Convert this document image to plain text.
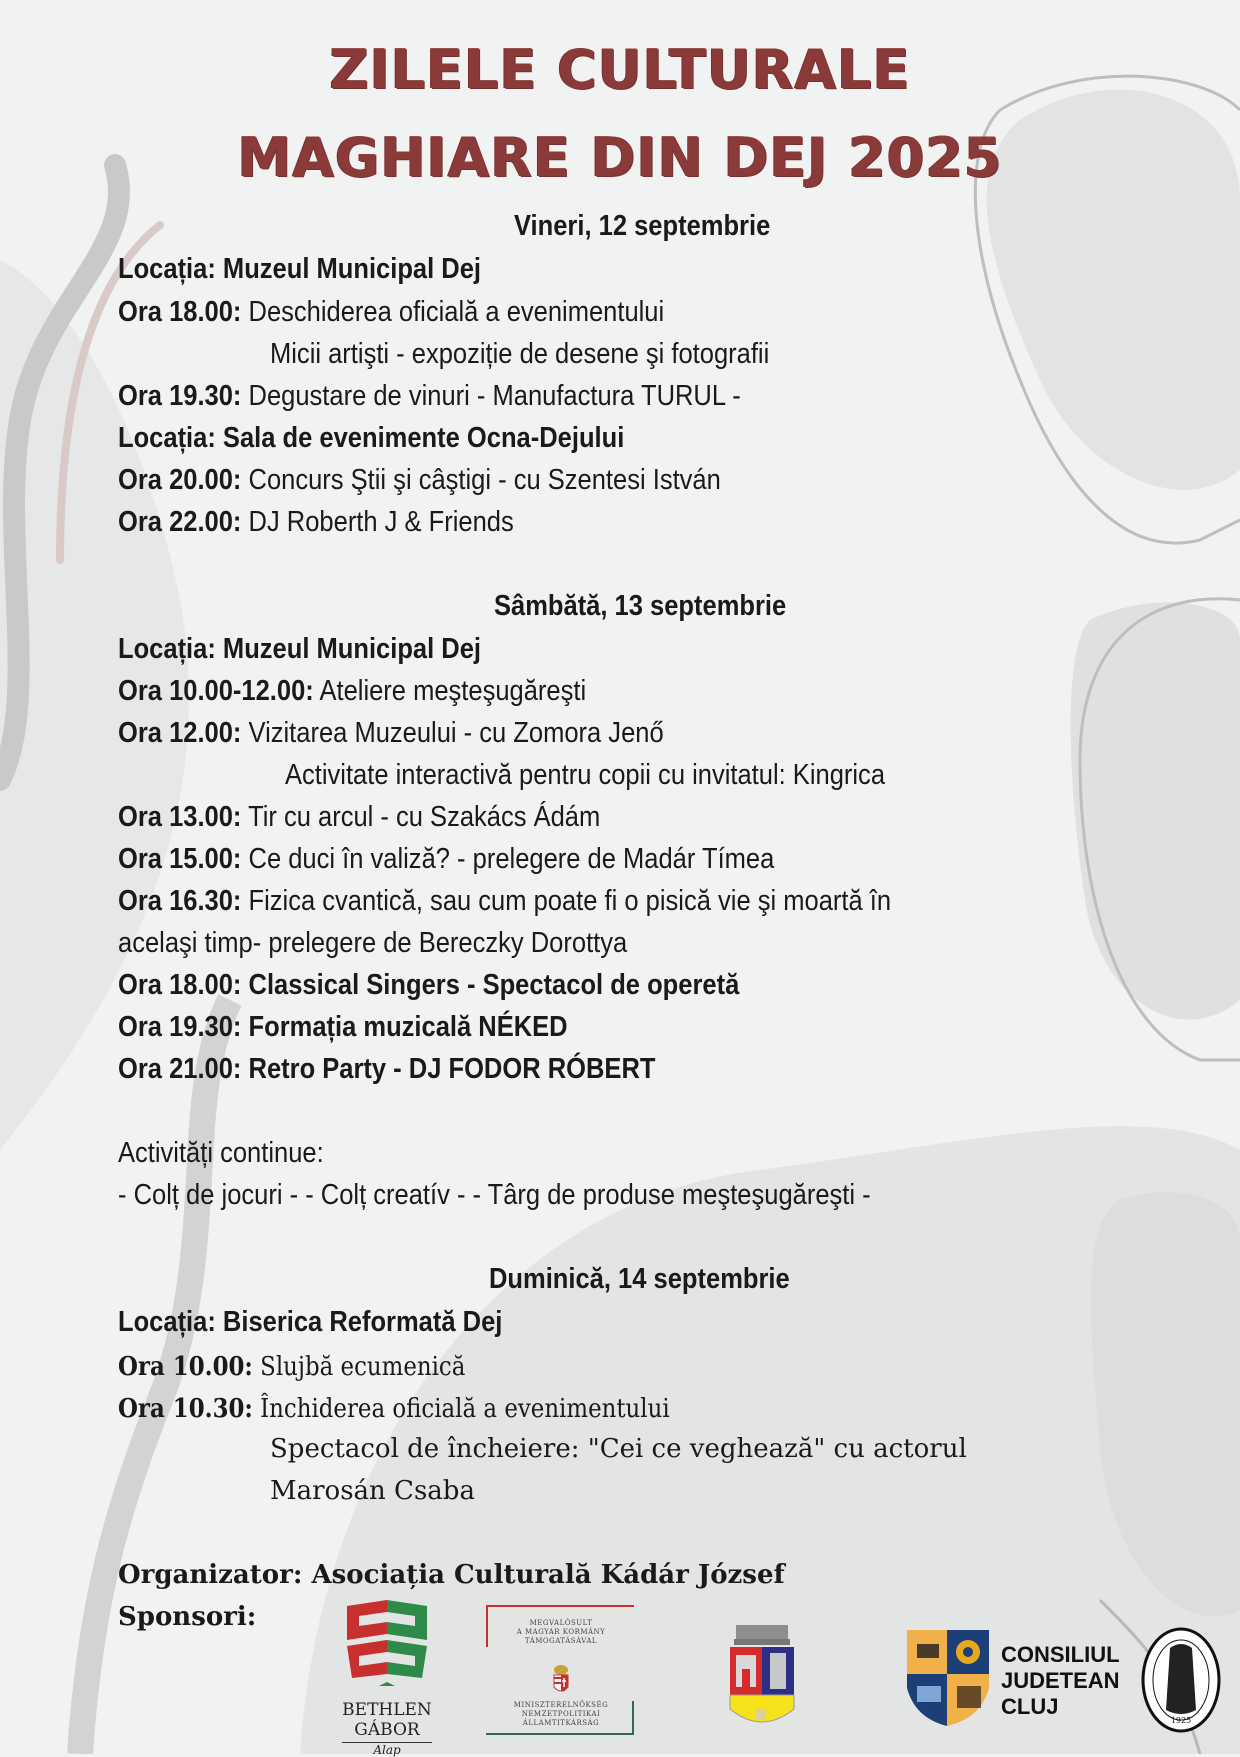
ZILELE CULTURALE
MAGHIARE DIN DEJ 2025
Vineri, 12 septembrie
Locația: Muzeul Municipal Dej
Ora 18.00: Deschiderea oficială a evenimentului
Micii artişti - expoziție de desene şi fotografii
Ora 19.30: Degustare de vinuri - Manufactura TURUL -
Locația: Sala de evenimente Ocna-Dejului
Ora 20.00: Concurs Ştii şi câştigi - cu Szentesi István
Ora 22.00: DJ Roberth J & Friends
Sâmbătă, 13 septembrie
Locația: Muzeul Municipal Dej
Ora 10.00-12.00: Ateliere meşteşugăreşti
Ora 12.00: Vizitarea Muzeului - cu Zomora Jenő
Activitate interactivă pentru copii cu invitatul: Kingrica
Ora 13.00: Tir cu arcul - cu Szakács Ádám
Ora 15.00: Ce duci în valiză? - prelegere de Madár Tímea
Ora 16.30: Fizica cvantică, sau cum poate fi o pisică vie şi moartă în
acelaşi timp- prelegere de Bereczky Dorottya
Ora 18.00: Classical Singers - Spectacol de operetă
Ora 19.30: Formația muzicală NÉKED
Ora 21.00: Retro Party - DJ FODOR RÓBERT
Activități continue:
- Colț de jocuri - - Colț creatív - - Târg de produse meşteşugăreşti -
Duminică, 14 septembrie
Locația: Biserica Reformată Dej
Ora 10.00: Slujbă ecumenică
Ora 10.30: Închiderea oficială a evenimentului
Spectacol de încheiere: "Cei ce veghează" cu actorul
Marosán Csaba
Organizator: Asociația Culturală Kádár József
Sponsori:
BETHLEN GÁBOR
Alap
MEGVALÓSULT
A MAGYAR KORMÁNY
TÁMOGATÁSÁVAL
MINISZTERELNÖKSÉG
NEMZETPOLITIKAI ÁLLAMTITKÁRSÁG
CONSILIUL
JUDETEAN
CLUJ
1925
